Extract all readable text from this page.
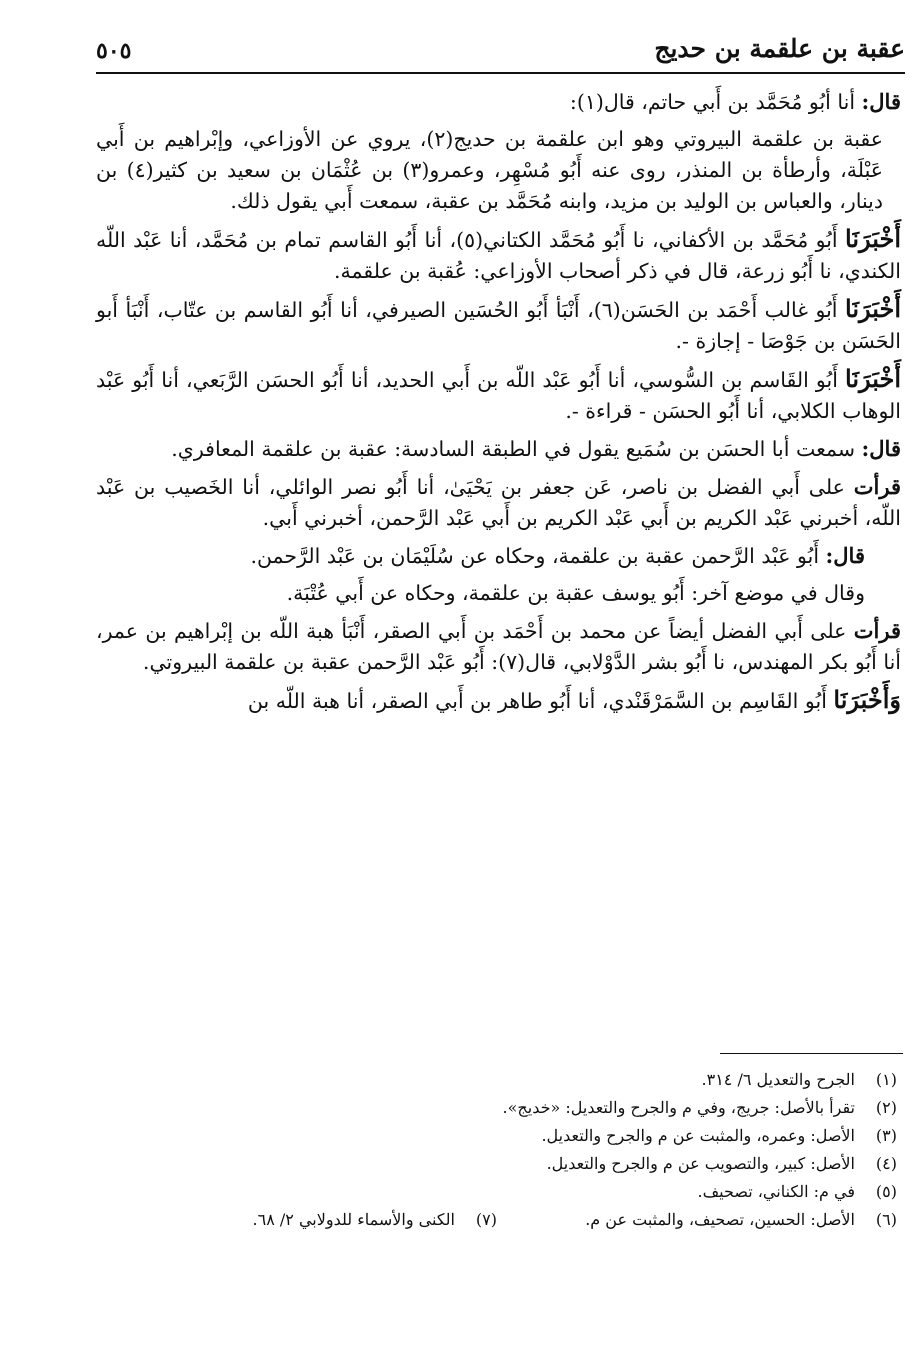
عقبة بن علقمة بن حديج
٥٠٥

قال: أنا أبُو مُحَمَّد بن أَبي حاتم، قال(١):

عقبة بن علقمة البيروتي وهو ابن علقمة بن حديج(٢)، يروي عن الأوزاعي، وإبْراهيم بن أَبي عَبْلَة، وأرطأة بن المنذر، روى عنه أَبُو مُسْهِر، وعمرو(٣) بن عُثْمَان بن سعيد بن كثير(٤) بن دينار، والعباس بن الوليد بن مزيد، وابنه مُحَمَّد بن عقبة، سمعت أَبي يقول ذلك.

أَخْبَرَنَا أَبُو مُحَمَّد بن الأكفاني، نا أَبُو مُحَمَّد الكتاني(٥)، أنا أَبُو القاسم تمام بن مُحَمَّد، أنا عَبْد اللّه الكندي، نا أَبُو زرعة، قال في ذكر أصحاب الأوزاعي: عُقبة بن علقمة.

أَخْبَرَنَا أَبُو غالب أَحْمَد بن الحَسَن(٦)، أَنْبَأ أَبُو الحُسَين الصيرفي، أنا أَبُو القاسم بن عتّاب، أَنْبَأ أَبو الحَسَن بن جَوْصَا - إجازة -.

أَخْبَرَنَا أَبُو القَاسم بن السُّوسي، أنا أَبُو عَبْد اللّه بن أَبي الحديد، أنا أَبُو الحسَن الرَّبَعي، أنا أَبُو عَبْد الوهاب الكلابي، أنا أَبُو الحسَن - قراءة -.

قال: سمعت أبا الحسَن بن سُمَيع يقول في الطبقة السادسة: عقبة بن علقمة المعافري.

قرأت على أَبي الفضل بن ناصر، عَن جعفر بن يَحْيَىٰ، أنا أَبُو نصر الوائلي، أنا الخَصيب بن عَبْد اللّه، أخبرني عَبْد الكريم بن أَبي عَبْد الكريم بن أَبي عَبْد الرَّحمن، أخبرني أَبي.

قال: أَبُو عَبْد الرَّحمن عقبة بن علقمة، وحكاه عن سُلَيْمَان بن عَبْد الرَّحمن.

وقال في موضع آخر: أَبُو يوسف عقبة بن علقمة، وحكاه عن أَبي عُتْبَة.

قرأت على أَبي الفضل أيضاً عن محمد بن أَحْمَد بن أَبي الصقر، أَنْبَأ هبة اللّه بن إبْراهيم بن عمر، أنا أَبُو بكر المهندس، نا أَبُو بشر الدَّوْلابي، قال(٧): أَبُو عَبْد الرَّحمن عقبة بن علقمة البيروتي.

وَأَخْبَرَنَا أَبُو القَاسِم بن السَّمَرْقَنْدي، أنا أَبُو طاهر بن أَبي الصقر، أنا هبة اللّه بن

(١)الجرح والتعديل ٦/ ٣١٤.
(٢)تقرأ بالأصل: جريج، وفي م والجرح والتعديل: «خديج».
(٣)الأصل: وعمره، والمثبت عن م والجرح والتعديل.
(٤)الأصل: كبير، والتصويب عن م والجرح والتعديل.
(٥)في م: الكناني، تصحيف.
(٦)الأصل: الحسين، تصحيف، والمثبت عن م.
(٧)الكنى والأسماء للدولابي ٢/ ٦٨.
